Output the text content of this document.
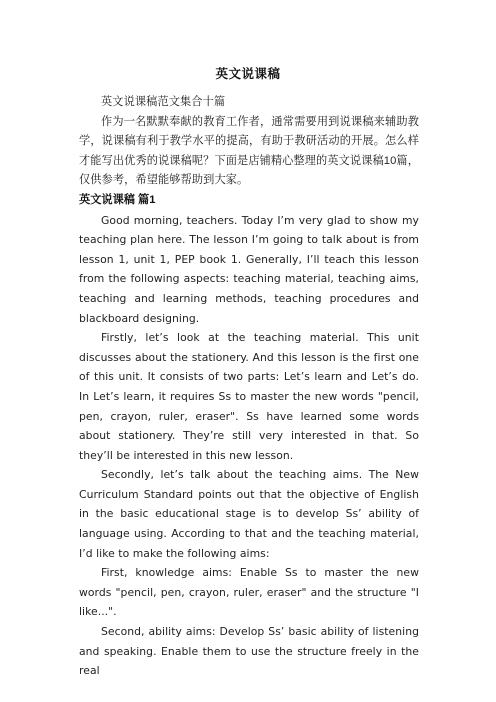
英文说课稿

英文说课稿范文集合十篇

作为一名默默奉献的教育工作者，通常需要用到说课稿来辅助教学，说课稿有利于教学水平的提高，有助于教研活动的开展。怎么样才能写出优秀的说课稿呢？下面是店铺精心整理的英文说课稿10篇，仅供参考，希望能够帮助到大家。

英文说课稿 篇1

Good morning, teachers. Today I’m very glad to show my teaching plan here. The lesson I’m going to talk about is from lesson 1, unit 1, PEP book 1. Generally, I’ll teach this lesson from the following aspects: teaching material, teaching aims, teaching and learning methods, teaching procedures and blackboard designing.

Firstly, let’s look at the teaching material. This unit discusses about the stationery. And this lesson is the first one of this unit. It consists of two parts: Let’s learn and Let’s do. In Let’s learn, it requires Ss to master the new words "pencil, pen, crayon, ruler, eraser". Ss have learned some words about stationery. They’re still very interested in that. So they’ll be interested in this new lesson.

Secondly, let’s talk about the teaching aims. The New Curriculum Standard points out that the objective of English in the basic educational stage is to develop Ss’ ability of language using. According to that and the teaching material, I’d like to make the following aims:

First, knowledge aims: Enable Ss to master the new words "pencil, pen, crayon, ruler, eraser" and the structure "I like...".

Second, ability aims: Develop Ss’ basic ability of listening and speaking. Enable them to use the structure freely in the real
